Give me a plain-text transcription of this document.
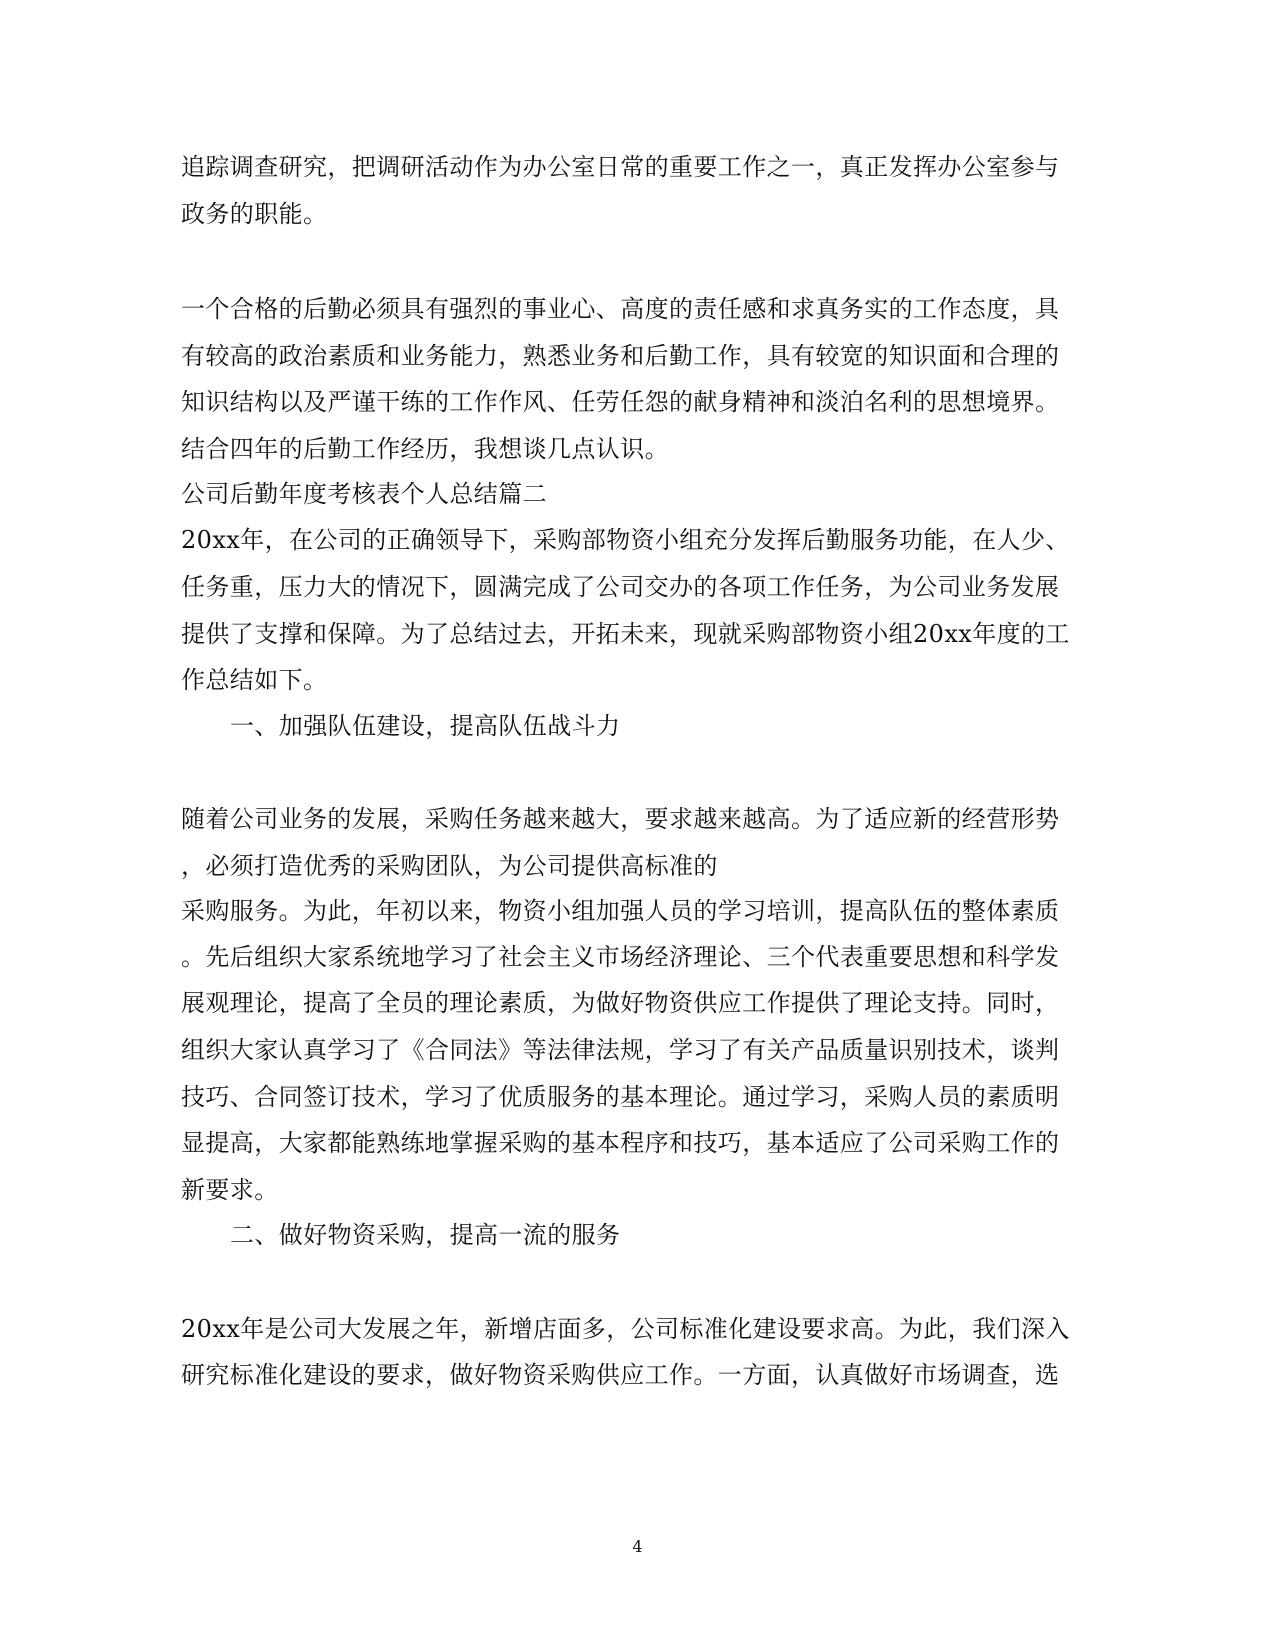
追踪调查研究，把调研活动作为办公室日常的重要工作之一，真正发挥办公室参与
政务的职能。
一个合格的后勤必须具有强烈的事业心、高度的责任感和求真务实的工作态度，具
有较高的政治素质和业务能力，熟悉业务和后勤工作，具有较宽的知识面和合理的
知识结构以及严谨干练的工作作风、任劳任怨的献身精神和淡泊名利的思想境界。
结合四年的后勤工作经历，我想谈几点认识。
公司后勤年度考核表个人总结篇二
20xx年，在公司的正确领导下，采购部物资小组充分发挥后勤服务功能，在人少、
任务重，压力大的情况下，圆满完成了公司交办的各项工作任务，为公司业务发展
提供了支撑和保障。为了总结过去，开拓未来，现就采购部物资小组20xx年度的工
作总结如下。
一、加强队伍建设，提高队伍战斗力
随着公司业务的发展，采购任务越来越大，要求越来越高。为了适应新的经营形势
，必须打造优秀的采购团队，为公司提供高标准的
采购服务。为此，年初以来，物资小组加强人员的学习培训，提高队伍的整体素质
。先后组织大家系统地学习了社会主义市场经济理论、三个代表重要思想和科学发
展观理论，提高了全员的理论素质，为做好物资供应工作提供了理论支持。同时，
组织大家认真学习了《合同法》等法律法规，学习了有关产品质量识别技术，谈判
技巧、合同签订技术，学习了优质服务的基本理论。通过学习，采购人员的素质明
显提高，大家都能熟练地掌握采购的基本程序和技巧，基本适应了公司采购工作的
新要求。
二、做好物资采购，提高一流的服务
20xx年是公司大发展之年，新增店面多，公司标准化建设要求高。为此，我们深入
研究标准化建设的要求，做好物资采购供应工作。一方面，认真做好市场调查，选
4
